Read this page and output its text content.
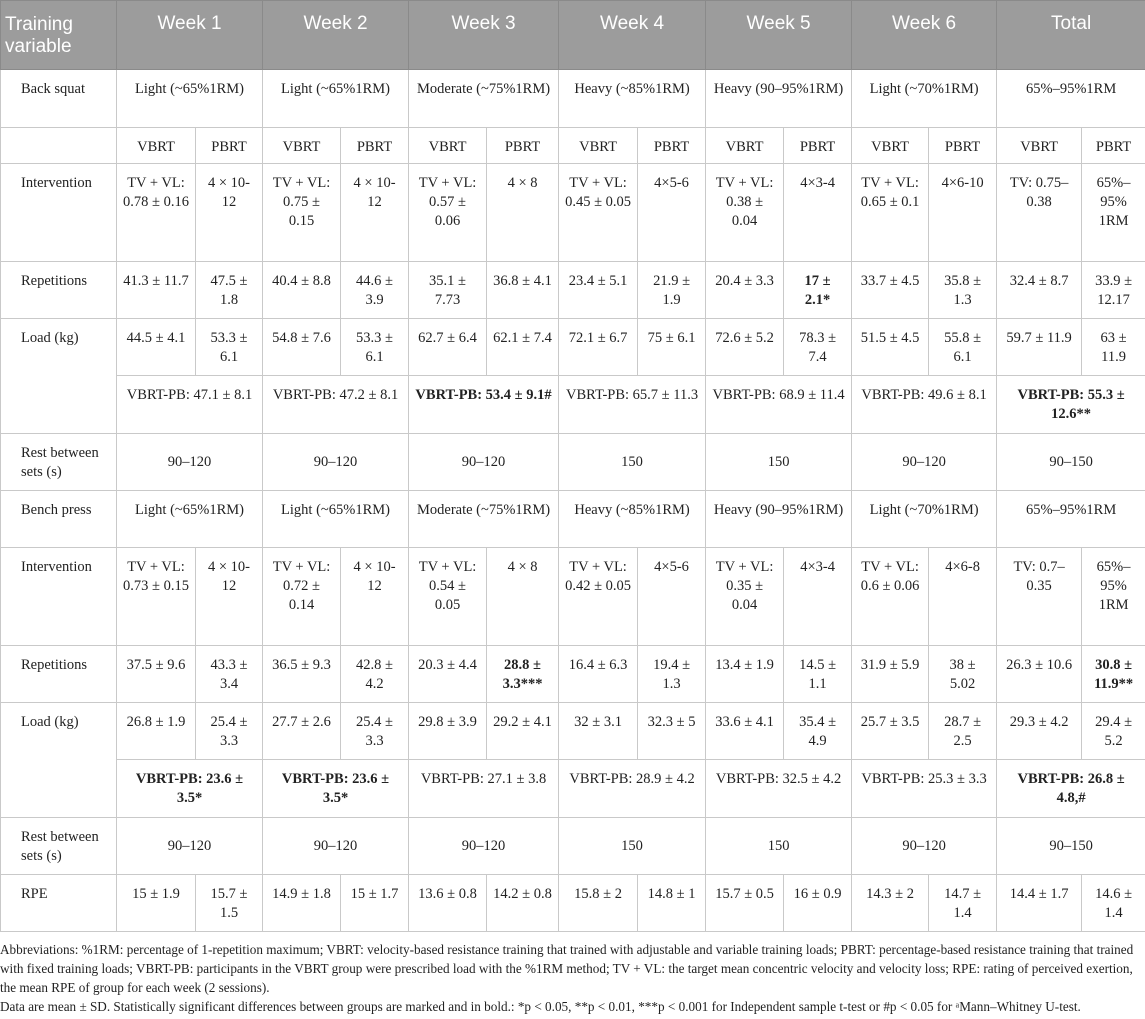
Training variable	Week 1		Week 2		Week 3		Week 4		Week 5		Week 6		Total	
Back squat	Light (~65%1RM)		Light (~65%1RM)		Moderate (~75%1RM)		Heavy (~85%1RM)		Heavy (90–95%1RM)		Light (~70%1RM)		65%–95%1RM	
	VBRT	PBRT	VBRT	PBRT	VBRT	PBRT	VBRT	PBRT	VBRT	PBRT	VBRT	PBRT	VBRT	PBRT
Intervention	TV + VL: 0.78 ± 0.16	4 × 10-12	TV + VL: 0.75 ± 0.15	4 × 10-12	TV + VL: 0.57 ± 0.06	4 × 8	TV + VL: 0.45 ± 0.05	4×5-6	TV + VL: 0.38 ± 0.04	4×3-4	TV + VL: 0.65 ± 0.1	4×6-10	TV: 0.75–0.38	65%–95% 1RM
Repetitions	41.3 ± 11.7	47.5 ± 1.8	40.4 ± 8.8	44.6 ± 3.9	35.1 ± 7.73	36.8 ± 4.1	23.4 ± 5.1	21.9 ± 1.9	20.4 ± 3.3	17 ± 2.1*	33.7 ± 4.5	35.8 ± 1.3	32.4 ± 8.7	33.9 ± 12.17
Load (kg)	44.5 ± 4.1	53.3 ± 6.1	54.8 ± 7.6	53.3 ± 6.1	62.7 ± 6.4	62.1 ± 7.4	72.1 ± 6.7	75 ± 6.1	72.6 ± 5.2	78.3 ± 7.4	51.5 ± 4.5	55.8 ± 6.1	59.7 ± 11.9	63 ± 11.9
	VBRT-PB: 47.1 ± 8.1		VBRT-PB: 47.2 ± 8.1		VBRT-PB: 53.4 ± 9.1#		VBRT-PB: 65.7 ± 11.3		VBRT-PB: 68.9 ± 11.4		VBRT-PB: 49.6 ± 8.1		VBRT-PB: 55.3 ± 12.6**	
Rest between sets (s)	90–120		90–120		90–120		150		150		90–120		90–150	
Bench press	Light (~65%1RM)		Light (~65%1RM)		Moderate (~75%1RM)		Heavy (~85%1RM)		Heavy (90–95%1RM)		Light (~70%1RM)		65%–95%1RM	
Intervention	TV + VL: 0.73 ± 0.15	4 × 10-12	TV + VL: 0.72 ± 0.14	4 × 10-12	TV + VL: 0.54 ± 0.05	4 × 8	TV + VL: 0.42 ± 0.05	4×5-6	TV + VL: 0.35 ± 0.04	4×3-4	TV + VL: 0.6 ± 0.06	4×6-8	TV: 0.7–0.35	65%– 95% 1RM
Repetitions	37.5 ± 9.6	43.3 ± 3.4	36.5 ± 9.3	42.8 ± 4.2	20.3 ± 4.4	28.8 ± 3.3***	16.4 ± 6.3	19.4 ± 1.3	13.4 ± 1.9	14.5 ± 1.1	31.9 ± 5.9	38 ± 5.02	26.3 ± 10.6	30.8 ± 11.9**
Load (kg)	26.8 ± 1.9	25.4 ± 3.3	27.7 ± 2.6	25.4 ± 3.3	29.8 ± 3.9	29.2 ± 4.1	32 ± 3.1	32.3 ± 5	33.6 ± 4.1	35.4 ± 4.9	25.7 ± 3.5	28.7 ± 2.5	29.3 ± 4.2	29.4 ± 5.2
	VBRT-PB: 23.6 ± 3.5*		VBRT-PB: 23.6 ± 3.5*		VBRT-PB: 27.1 ± 3.8		VBRT-PB: 28.9 ± 4.2		VBRT-PB: 32.5 ± 4.2		VBRT-PB: 25.3 ± 3.3		VBRT-PB: 26.8 ± 4.8,#	
Rest between sets (s)	90–120		90–120		90–120		150		150		90–120		90–150	
RPE	15 ± 1.9	15.7 ± 1.5	14.9 ± 1.8	15 ± 1.7	13.6 ± 0.8	14.2 ± 0.8	15.8 ± 2	14.8 ± 1	15.7 ± 0.5	16 ± 0.9	14.3 ± 2	14.7 ± 1.4	14.4 ± 1.7	14.6 ± 1.4

Abbreviations: %1RM: percentage of 1-repetition maximum; VBRT: velocity-based resistance training that trained with adjustable and variable training loads; PBRT: percentage-based resistance training that trained with fixed training loads; VBRT-PB: participants in the VBRT group were prescribed load with the %1RM method; TV + VL: the target mean concentric velocity and velocity loss; RPE: rating of perceived exertion, the mean RPE of group for each week (2 sessions).

Data are mean ± SD. Statistically significant differences between groups are marked and in bold.: *p < 0.05, **p < 0.01, ***p < 0.001 for Independent sample t-test or #p < 0.05 for ᵃMann–Whitney U-test.
